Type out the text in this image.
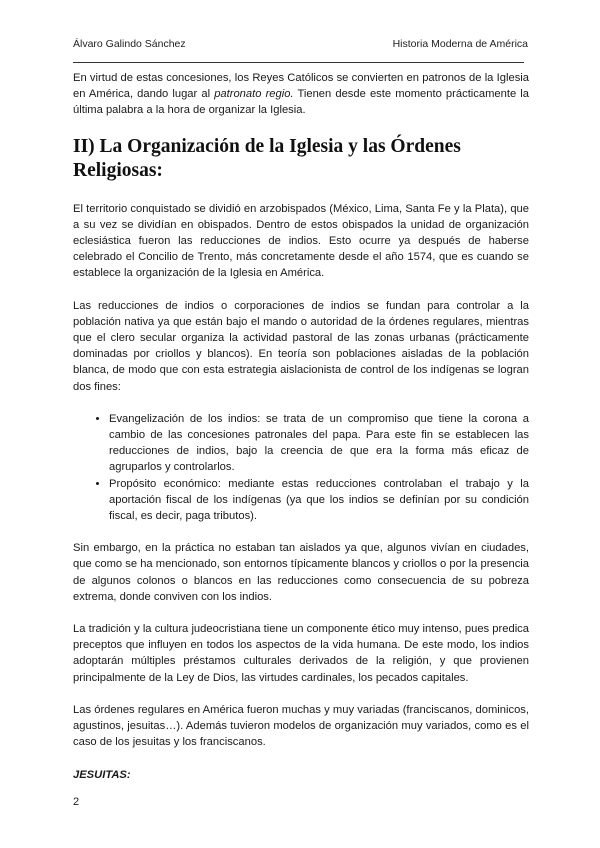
Álvaro Galindo Sánchez	Historia Moderna de América

En virtud de estas concesiones, los Reyes Católicos se convierten en patronos de la Iglesia en América, dando lugar al patronato regio. Tienen desde este momento prácticamente la última palabra a la hora de organizar la Iglesia.

II) La Organización de la Iglesia y las Órdenes Religiosas:

El territorio conquistado se dividió en arzobispados (México, Lima, Santa Fe y la Plata), que a su vez se dividían en obispados. Dentro de estos obispados la unidad de organización eclesiástica fueron las reducciones de indios. Esto ocurre ya después de haberse celebrado el Concilio de Trento, más concretamente desde el año 1574, que es cuando se establece la organización de la Iglesia en América.

Las reducciones de indios o corporaciones de indios se fundan para controlar a la población nativa ya que están bajo el mando o autoridad de la órdenes regulares, mientras que el clero secular organiza la actividad pastoral de las zonas urbanas (prácticamente dominadas por criollos y blancos). En teoría son poblaciones aisladas de la población blanca, de modo que con esta estrategia aislacionista de control de los indígenas se logran dos fines:

• Evangelización de los indios: se trata de un compromiso que tiene la corona a cambio de las concesiones patronales del papa. Para este fin se establecen las reducciones de indios, bajo la creencia de que era la forma más eficaz de agruparlos y controlarlos.
• Propósito económico: mediante estas reducciones controlaban el trabajo y la aportación fiscal de los indígenas (ya que los indios se definían por su condición fiscal, es decir, paga tributos).

Sin embargo, en la práctica no estaban tan aislados ya que, algunos vivían en ciudades, que como se ha mencionado, son entornos típicamente blancos y criollos o por la presencia de algunos colonos o blancos en las reducciones como consecuencia de su pobreza extrema, donde conviven con los indios.

La tradición y la cultura judeocristiana tiene un componente ético muy intenso, pues predica preceptos que influyen en todos los aspectos de la vida humana. De este modo, los indios adoptarán múltiples préstamos culturales derivados de la religión, y que provienen principalmente de la Ley de Dios, las virtudes cardinales, los pecados capitales.

Las órdenes regulares en América fueron muchas y muy variadas (franciscanos, dominicos, agustinos, jesuitas…). Además tuvieron modelos de organización muy variados, como es el caso de los jesuitas y los franciscanos.

JESUITAS:
2
